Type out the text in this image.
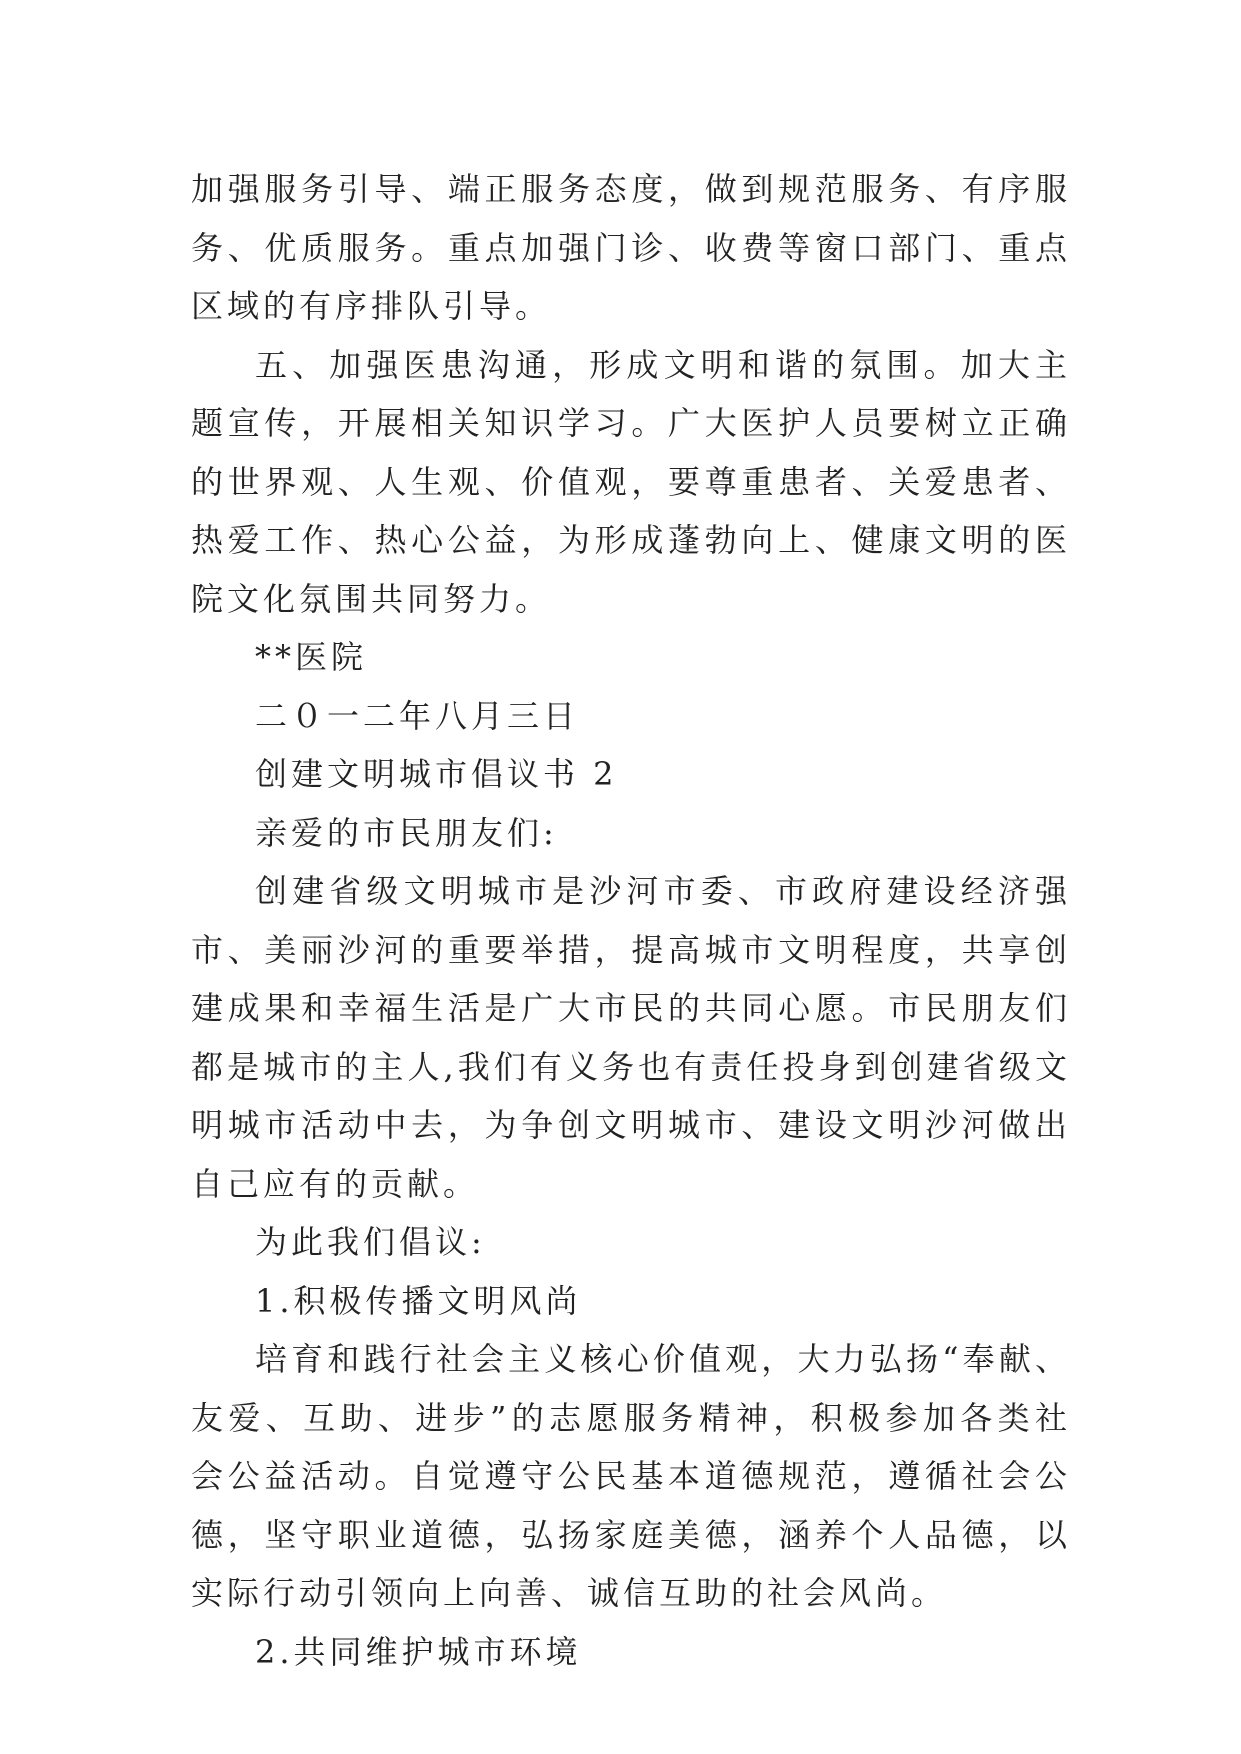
加强服务引导、端正服务态度，做到规范服务、有序服务、优质服务。重点加强门诊、收费等窗口部门、重点区域的有序排队引导。

五、加强医患沟通，形成文明和谐的氛围。加大主题宣传，开展相关知识学习。广大医护人员要树立正确的世界观、人生观、价值观，要尊重患者、关爱患者、热爱工作、热心公益，为形成蓬勃向上、健康文明的医院文化氛围共同努力。

**医院

二０一二年八月三日

创建文明城市倡议书 2

亲爱的市民朋友们:

创建省级文明城市是沙河市委、市政府建设经济强市、美丽沙河的重要举措，提高城市文明程度，共享创建成果和幸福生活是广大市民的共同心愿。市民朋友们都是城市的主人,我们有义务也有责任投身到创建省级文明城市活动中去，为争创文明城市、建设文明沙河做出自己应有的贡献。

为此我们倡议:

1.积极传播文明风尚

培育和践行社会主义核心价值观，大力弘扬“奉献、友爱、互助、进步”的志愿服务精神，积极参加各类社会公益活动。自觉遵守公民基本道德规范，遵循社会公德，坚守职业道德，弘扬家庭美德，涵养个人品德，以实际行动引领向上向善、诚信互助的社会风尚。

2.共同维护城市环境
